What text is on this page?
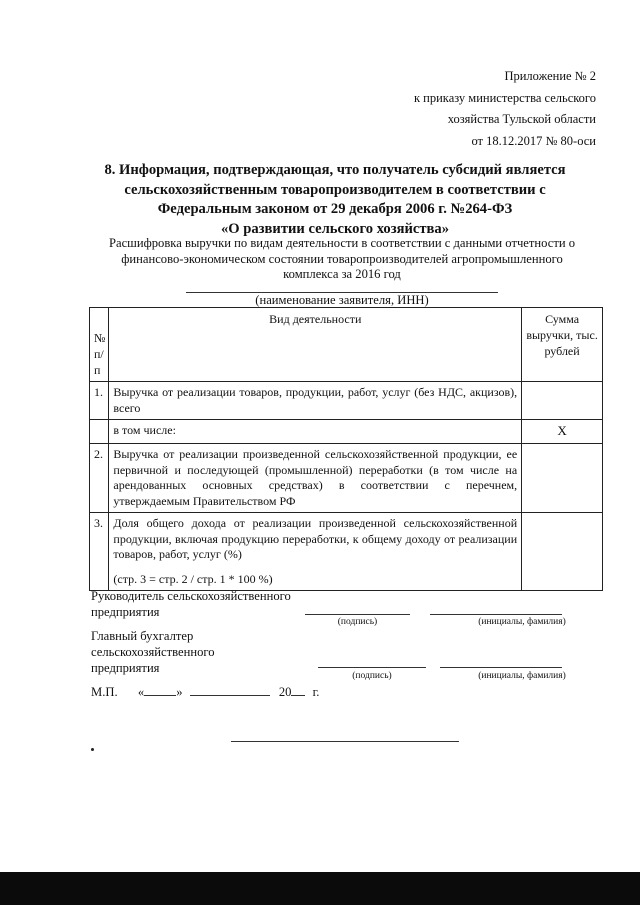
Приложение № 2
к приказу министерства сельского
хозяйства Тульской области
от 18.12.2017 № 80-оси
8. Информация, подтверждающая, что получатель субсидий является
сельскохозяйственным товаропроизводителем в соответствии с
Федеральным законом от 29 декабря 2006 г. №264-ФЗ
«О развитии сельского хозяйства»
Расшифровка выручки по видам деятельности в соответствии с данными отчетности о
финансово-экономическом состоянии товаропроизводителей агропромышленного
комплекса за 2016 год
(наименование заявителя, ИНН)
№ п/п	Вид деятельности	Сумма выручки, тыс. рублей
1.	Выручка от реализации товаров, продукции, работ, услуг (без НДС, акцизов), всего	
	в том числе:	Х
2.	Выручка от реализации произведенной сельскохозяйственной продукции, ее первичной и последующей (промышленной) переработки (в том числе на арендованных основных средствах) в соответствии с перечнем, утверждаемым Правительством РФ	
3.	Доля общего дохода от реализации произведенной сельскохозяйственной продукции, включая продукцию переработки, к общему доходу от реализации товаров, работ, услуг (%)
(стр. 3 = стр. 2 / стр. 1 * 100 %)	

Руководитель сельскохозяйственного
предприятия
(подпись)	(инициалы, фамилия)
Главный бухгалтер
сельскохозяйственного
предприятия
(подпись)	(инициалы, фамилия)
М.П. «	»	20 г.
